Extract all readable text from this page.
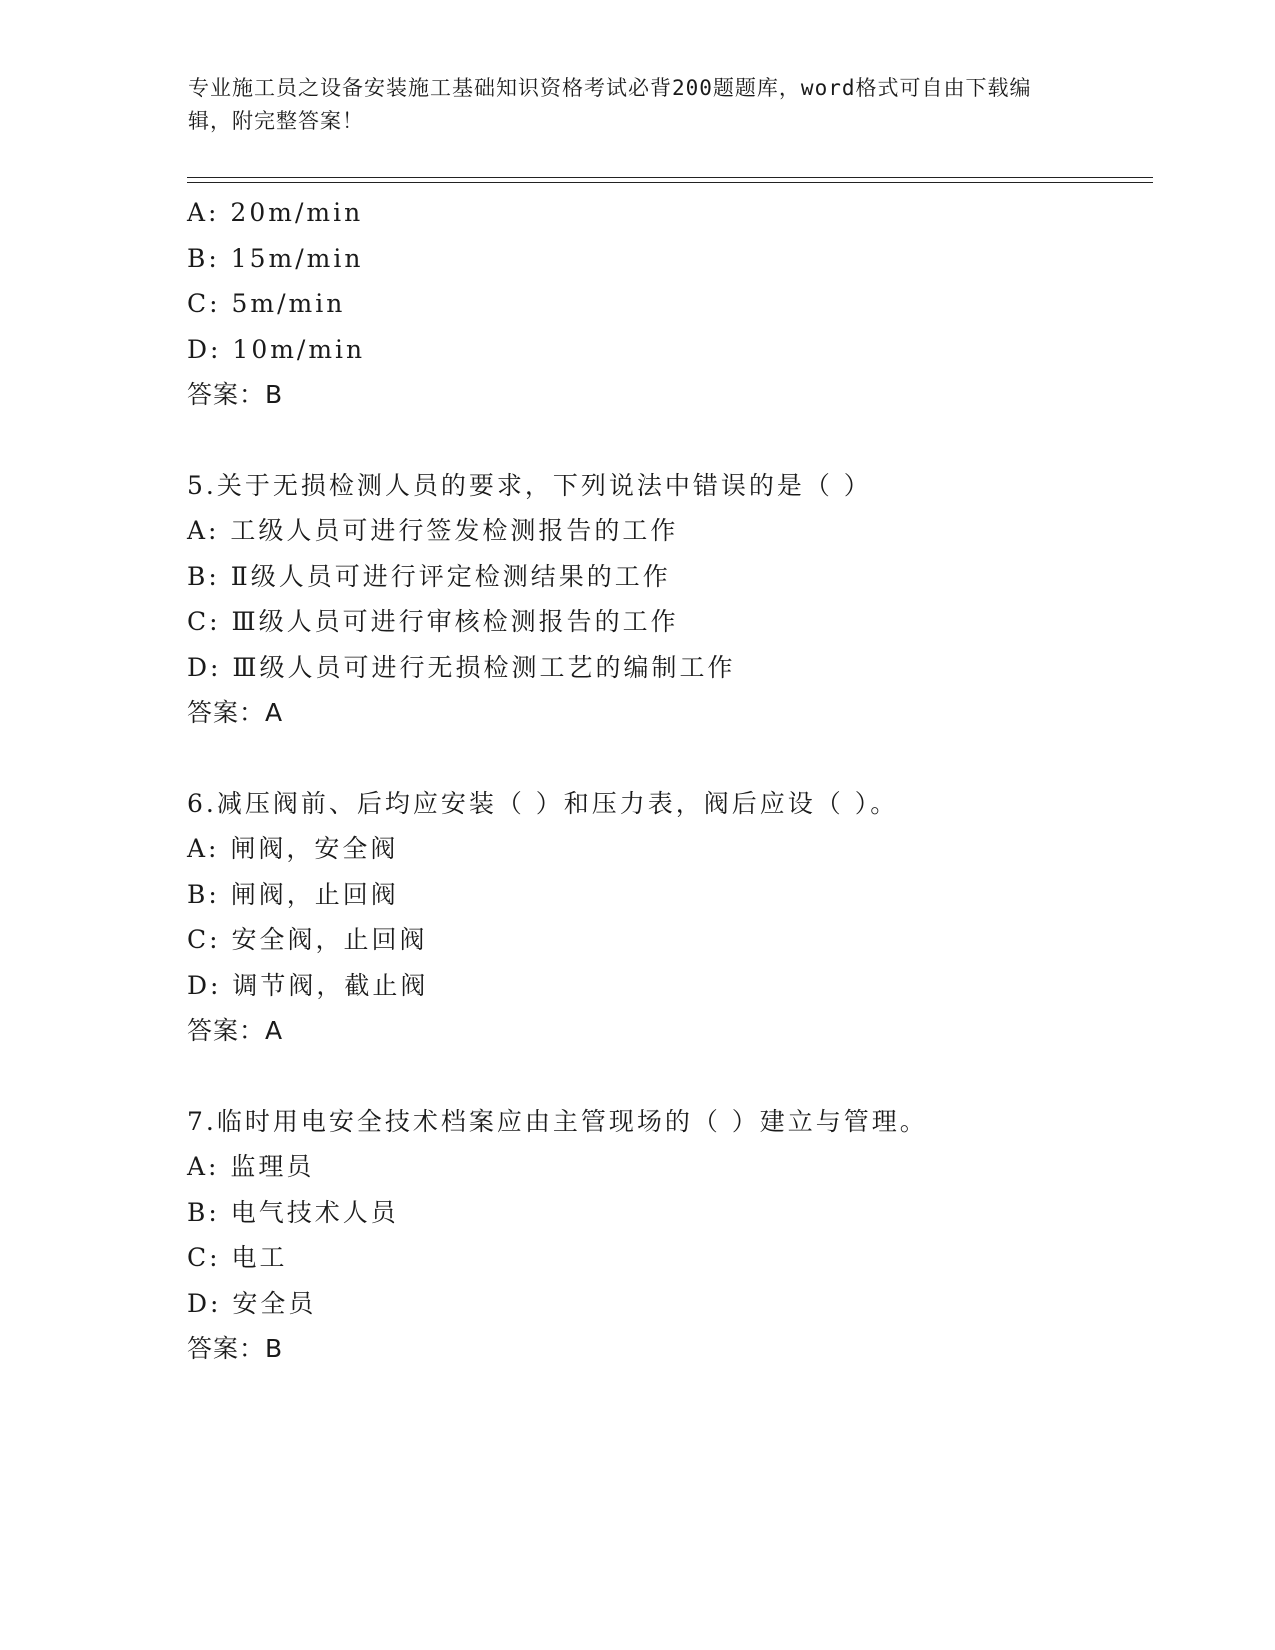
专业施工员之设备安装施工基础知识资格考试必背200题题库，word格式可自由下载编辑，附完整答案！
A: 20m/min
B: 15m/min
C: 5m/min
D: 10m/min
答案：B
5.关于无损检测人员的要求，下列说法中错误的是（ ）
A: 工级人员可进行签发检测报告的工作
B: Ⅱ级人员可进行评定检测结果的工作
C: Ⅲ级人员可进行审核检测报告的工作
D: Ⅲ级人员可进行无损检测工艺的编制工作
答案：A
6.减压阀前、后均应安装（ ）和压力表，阀后应设（ ）。
A: 闸阀，安全阀
B: 闸阀，止回阀
C: 安全阀，止回阀
D: 调节阀，截止阀
答案：A
7.临时用电安全技术档案应由主管现场的（ ）建立与管理。
A: 监理员
B: 电气技术人员
C: 电工
D: 安全员
答案：B
